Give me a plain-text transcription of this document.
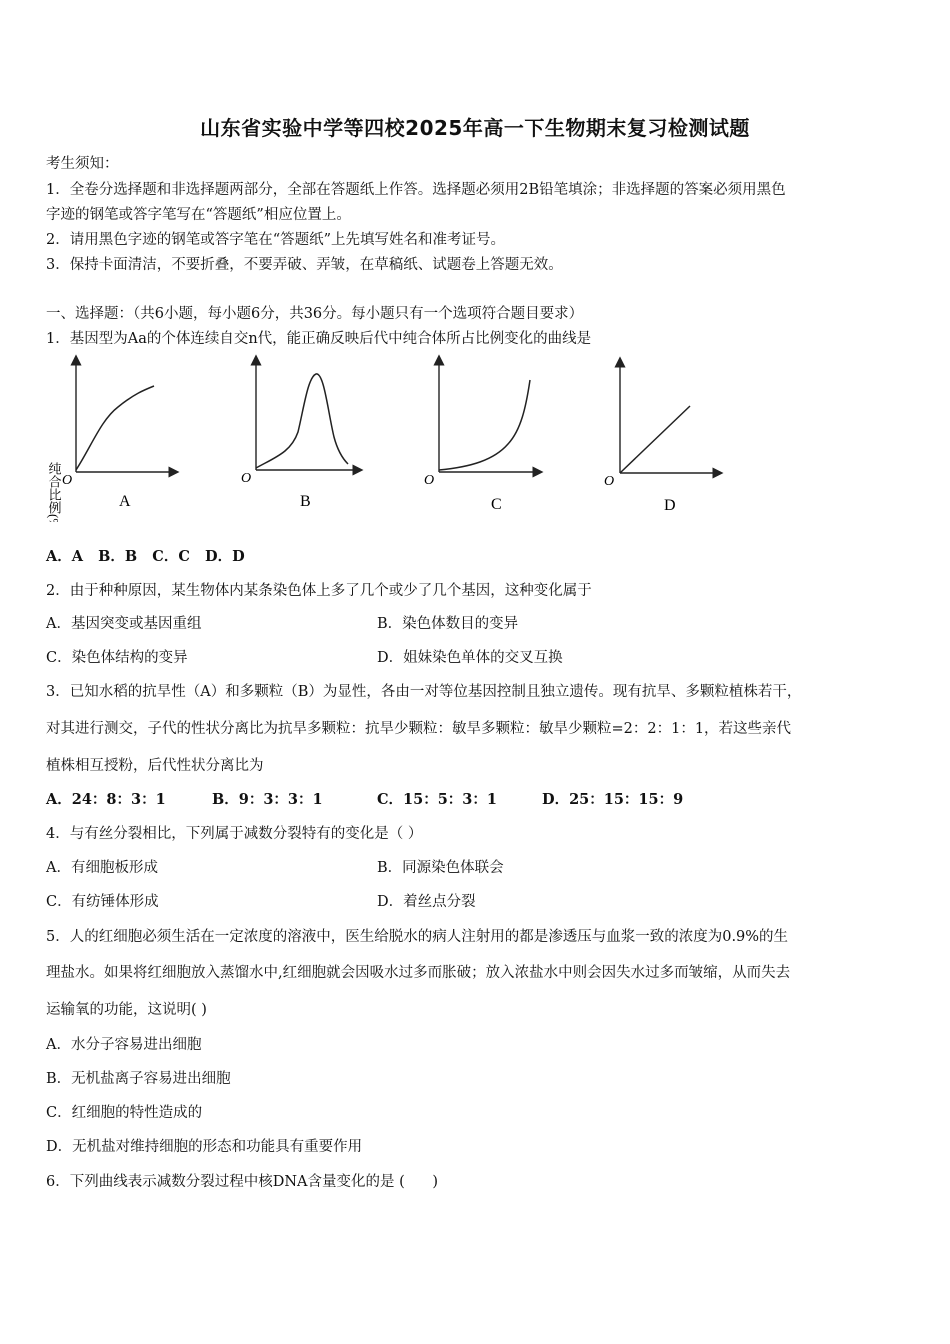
山东省实验中学等四校2025年高一下生物期末复习检测试题
考生须知：
1．全卷分选择题和非选择题两部分，全部在答题纸上作答。选择题必须用2B铅笔填涂；非选择题的答案必须用黑色
字迹的钢笔或答字笔写在“答题纸”相应位置上。
2．请用黑色字迹的钢笔或答字笔在“答题纸”上先填写姓名和准考证号。
3．保持卡面清洁，不要折叠，不要弄破、弄皱，在草稿纸、试题卷上答题无效。
一、选择题：（共6小题，每小题6分，共36分。每小题只有一个选项符合题目要求）
1．基因型为Aa的个体连续自交n代，能正确反映后代中纯合体所占比例变化的曲线是
纯合比例(%) O
A
O
B
O
C
O
D
A．A   B．B   C．C   D．D
2．由于种种原因，某生物体内某条染色体上多了几个或少了几个基因，这种变化属于
A．基因突变或基因重组	B．染色体数目的变异
C．染色体结构的变异	D．姐妹染色单体的交叉互换
3．已知水稻的抗旱性（A）和多颗粒（B）为显性，各由一对等位基因控制且独立遗传。现有抗旱、多颗粒植株若干，
对其进行测交，子代的性状分离比为抗旱多颗粒：抗旱少颗粒：敏旱多颗粒：敏旱少颗粒=2：2：1：1，若这些亲代
植株相互授粉，后代性状分离比为
A．24：8：3：1	B．9：3：3：1	C．15：5：3：1	D．25：15：15：9
4．与有丝分裂相比，下列属于减数分裂特有的变化是（ ）
A．有细胞板形成	B．同源染色体联会
C．有纺锤体形成	D．着丝点分裂
5．人的红细胞必须生活在一定浓度的溶液中，医生给脱水的病人注射用的都是渗透压与血浆一致的浓度为0.9%的生
理盐水。如果将红细胞放入蒸馏水中,红细胞就会因吸水过多而胀破；放入浓盐水中则会因失水过多而皱缩，从而失去
运输氧的功能，这说明( )
A．水分子容易进出细胞
B．无机盐离子容易进出细胞
C．红细胞的特性造成的
D．无机盐对维持细胞的形态和功能具有重要作用
6．下列曲线表示减数分裂过程中核DNA含量变化的是 (      )
